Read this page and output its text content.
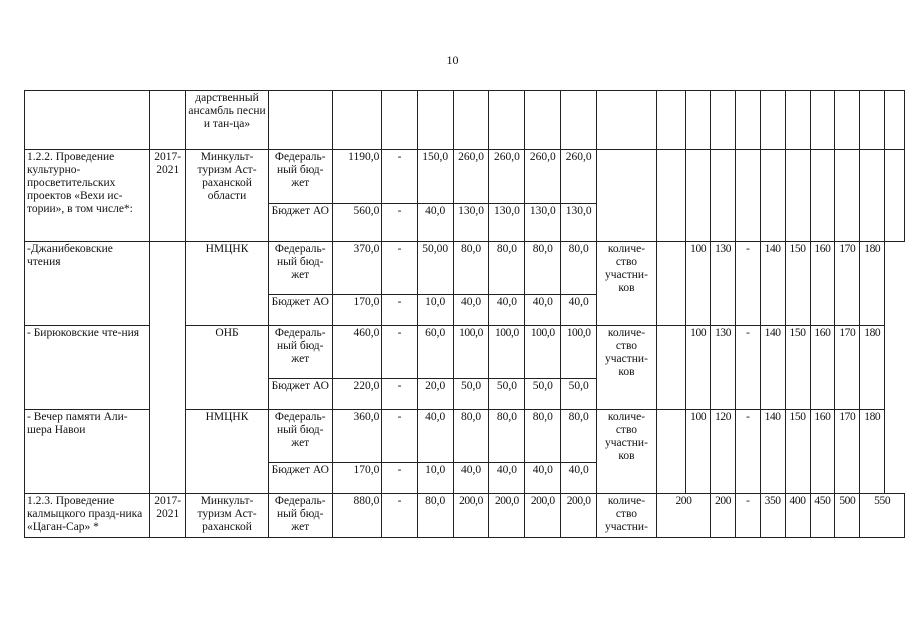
10
		дарственный ансамбль песни и тан-ца»																			
1.2.2. Проведение культурно-просветительских проектов «Вехи ис-тории», в том числе*:	2017-2021	Минкульт-туризм Аст-раханской области	Федераль-ный бюд-жет	1190,0	-	150,0	260,0	260,0	260,0	260,0											
			Бюджет АО	560,0	-	40,0	130,0	130,0	130,0	130,0											
-Джанибековские чтения		НМЦНК	Федераль-ный бюд-жет	370,0	-	50,00	80,0	80,0	80,0	80,0	количе-ство участни-ков		100	130	-	140	150	160	170	180	
			Бюджет АО	170,0	-	10,0	40,0	40,0	40,0	40,0											
- Бирюковские чте-ния		ОНБ	Федераль-ный бюд-жет	460,0	-	60,0	100,0	100,0	100,0	100,0	количе-ство участни-ков		100	130	-	140	150	160	170	180	
			Бюджет АО	220,0	-	20,0	50,0	50,0	50,0	50,0											
- Вечер памяти Али-шера Навои		НМЦНК	Федераль-ный бюд-жет	360,0	-	40,0	80,0	80,0	80,0	80,0	количе-ство участни-ков		100	120	-	140	150	160	170	180	
			Бюджет АО	170,0	-	10,0	40,0	40,0	40,0	40,0											
1.2.3. Проведение калмыцкого празд-ника «Цаган-Сар» *	2017-2021	Минкульт-туризм Аст-раханской	Федераль-ный бюд-жет	880,0	-	80,0	200,0	200,0	200,0	200,0	количе-ство участни-	200		200	-	350	400	450	500	550	
